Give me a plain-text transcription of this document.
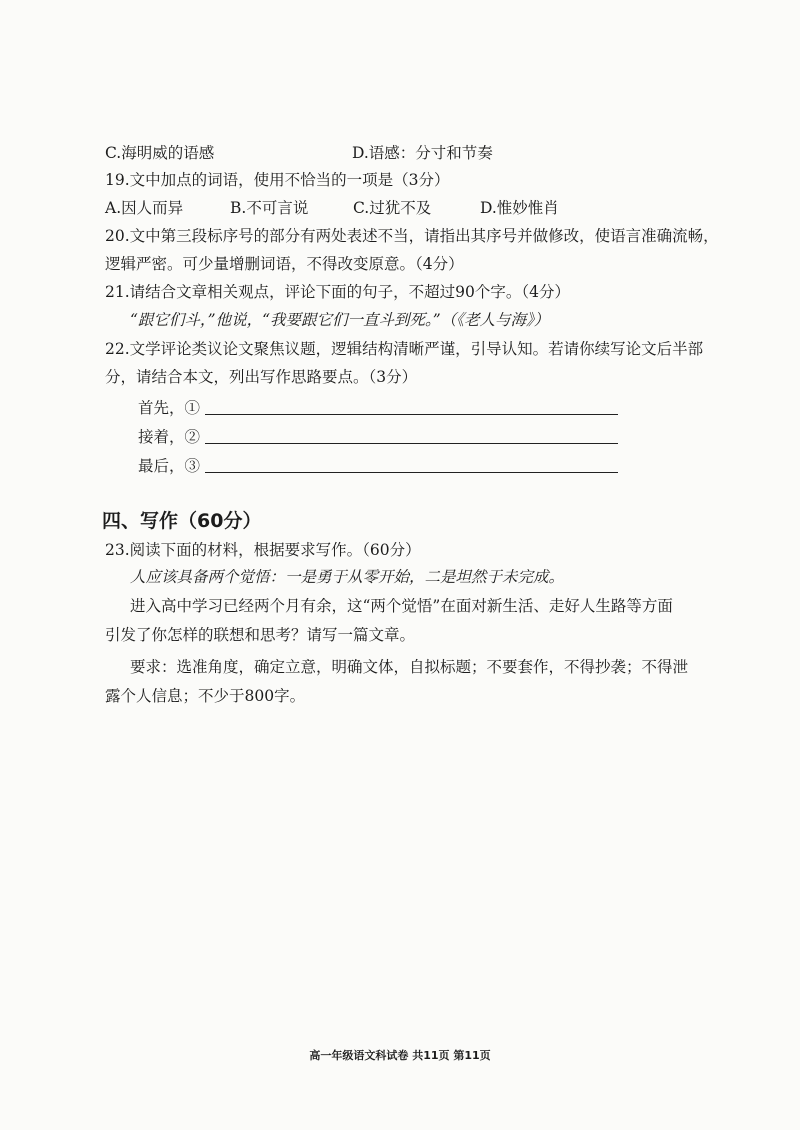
C.海明威的语感	D.语感：分寸和节奏
19.文中加点的词语，使用不恰当的一项是（3分）
A.因人而异	B.不可言说	C.过犹不及	D.惟妙惟肖
20.文中第三段标序号的部分有两处表述不当，请指出其序号并做修改，使语言准确流畅，
逻辑严密。可少量增删词语，不得改变原意。（4分）
21.请结合文章相关观点，评论下面的句子，不超过90个字。（4分）
“跟它们斗，”他说，“我要跟它们一直斗到死。”（《老人与海》）
22.文学评论类议论文聚焦议题，逻辑结构清晰严谨，引导认知。若请你续写论文后半部
分，请结合本文，列出写作思路要点。（3分）
首先，①
接着，②
最后，③
四、写作（60分）
23.阅读下面的材料，根据要求写作。（60分）
人应该具备两个觉悟：一是勇于从零开始，二是坦然于未完成。
进入高中学习已经两个月有余，这“两个觉悟”在面对新生活、走好人生路等方面
引发了你怎样的联想和思考？请写一篇文章。
要求：选准角度，确定立意，明确文体，自拟标题；不要套作，不得抄袭；不得泄
露个人信息；不少于800字。
高一年级语文科试卷 共11页 第11页
